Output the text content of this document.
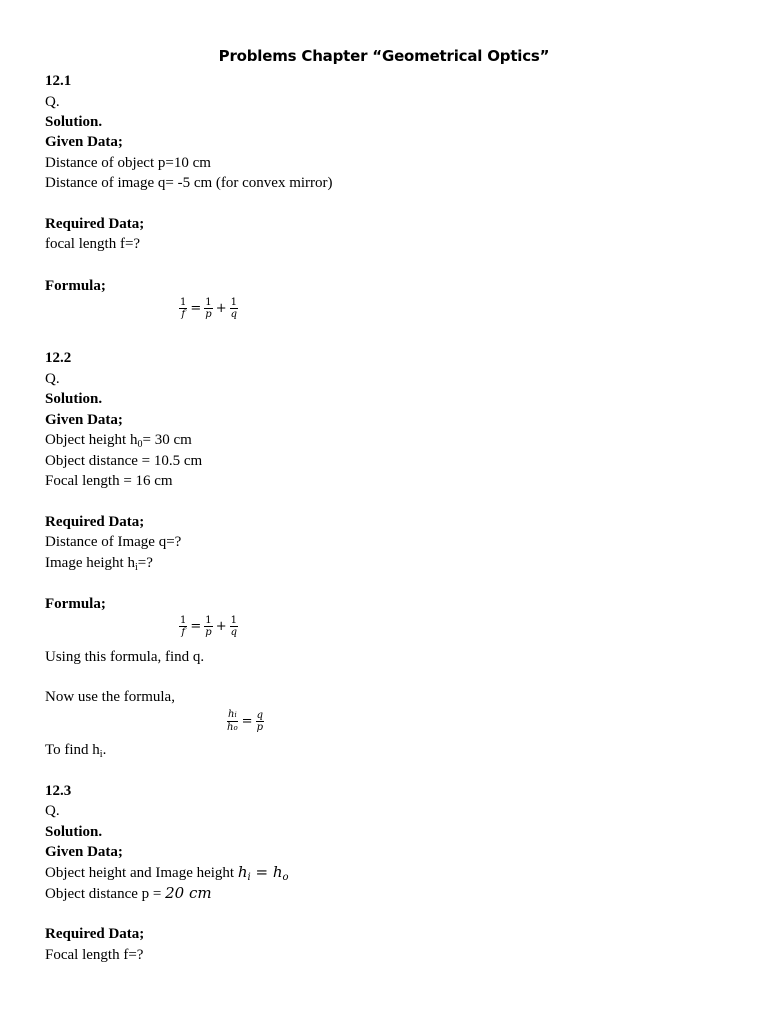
Problems Chapter “Geometrical Optics”
12.1
Q.
Solution.
Given Data;
Distance of object p=10 cm
Distance of image q= -5 cm (for convex mirror)
Required Data;
focal length f=?
Formula;
$\frac{1}{f} = \frac{1}{p} + \frac{1}{q}$
12.2
Q.
Solution.
Given Data;
Object height $h_0= 30$ cm
Object distance = 10.5 cm
Focal length = 16 cm
Required Data;
Distance of Image q=?
Image height $h_i=$?
Formula;
$\frac{1}{f} = \frac{1}{p} + \frac{1}{q}$
Using this formula, find q.
Now use the formula,
$\frac{hi}{ho} = \frac{q}{p}$
To find $h_i$.
12.3
Q.
Solution.
Given Data;
Object height and Image height $h_i = h_o$
Object distance p = 20 cm
Required Data;
Focal length f=?
